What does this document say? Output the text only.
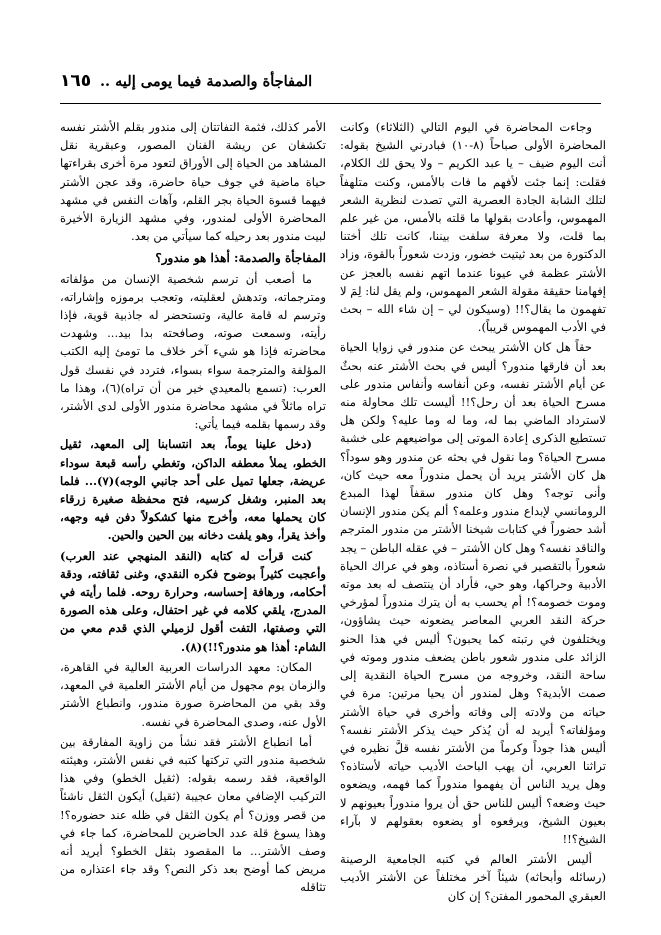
المفاجأة والصدمة فيما يومى إليه ..
١٦٥

وجاءت المحاضرة في اليوم التالي (الثلاثاء) وكانت المحاضرة الأولى صباحاً (٨-١٠) فبادرني الشيخ بقوله: أنت اليوم ضيف – يا عبد الكريم – ولا يحق لك الكلام، فقلت: إنما جئت لأفهم ما فات بالأمس، وكنت متلهفاً لتلك الشابة الجادة العصرية التي تصدت لنظرية الشعر المهموس، وأعادت بقولها ما قلته بالأمس، من غير علم بما قلت، ولا معرفة سلفت بيننا، كانت تلك أختنا الدكتورة من بعد ثيتيت خضور، وزدت شعوراً بالقوة، وزاد الأشتر عظمة في عيونا عندما اتهم نفسه بالعجز عن إفهامنا حقيقة مقولة الشعر المهموس، ولم يقل لنا: لِمَ لا تفهمون ما يقال؟!! (وسيكون لي – إن شاء الله – بحث في الأدب المهموس قريباً).

حقاً هل كان الأشتر يبحث عن مندور في زوايا الحياة بعد أن فارقها مندور؟ أليس في بحث الأشتر عنه بحثٌ عن أيام الأشتر نفسه، وعن أنفاسه وأنفاس مندور على مسرح الحياة بعد أن رحل؟!! أليست تلك محاولة منه لاسترداد الماضي بما له، وما له وما عليه؟ ولكن هل تستطيع الذكرى إعادة الموتى إلى مواضيعهم على خشبة مسرح الحياة؟ وما نقول في بحثه عن مندور وهو سوداً؟ هل كان الأشتر يريد أن يحمل مندوراً معه حيث كان، وأنى توجه؟ وهل كان مندور سقفاً لهذا المبدع الرومانسي لإبداع مندور وعلمه؟ ألم يكن مندور الإنسان أشد حضوراً في كتابات شيخنا الأشتر من مندور المترجم والناقد نفسه؟ وهل كان الأشتر – في عقله الباطن – يجد شعوراً بالتقصير في نصرة أستاذه، وهو في عراك الحياة الأدبية وحراكها، وهو حي، فأراد أن ينتصف له بعد موته وموت خصومه؟! أم يحسب به أن يترك مندوراً لمؤرخي حركة النقد العربي المعاصر يضعونه حيث يشاؤون، ويختلفون في رتبته كما يحبون؟ أليس في هذا الحنو الزائد على مندور شعور باطن يضعف مندور وموته في ساحة النقد، وخروجه من مسرح الحياة النقدية إلى صمت الأبدية؟ وهل لمندور أن يحيا مرتين: مرة في حياته من ولادته إلى وفاته وأخرى في حياة الأشتر ومؤلفاته؟ أيريد له أن يُذكر حيث يذكر الأشتر نفسه؟ أليس هذا جوداً وكرماً من الأشتر نفسه قلَّ نظيره في تراثنا العربي، أن يهب الباحث الأديب حياته لأستاذه؟ وهل يريد الناس أن يفهموا مندوراً كما فهمه، ويضعوه حيث وضعه؟ أليس للناس حق أن يروا مندوراً بعيونهم لا بعيون الشيخ، ويرفعوه أو يضعوه بعقولهم لا بآراء الشيخ؟!!

أليس الأشتر العالم في كتبه الجامعية الرصينة (رسائله وأبحاثه) شيئاً آخر مختلفاً عن الأشتر الأديب العبقري المحمور المفتن؟ إن كان

الأمر كذلك، فثمة التفاتتان إلى مندور بقلم الأشتر نفسه تكشفان عن ريشة الفنان المصور، وعبقرية نقل المشاهد من الحياة إلى الأوراق لتعود مرة أخرى بقراءتها حياة ماضية في جوف حياة حاضرة، وقد عجن الأشتر فيهما قسوة الحياة بجر القلم، وآهات النفس في مشهد المحاضرة الأولى لمندور، وفي مشهد الزيارة الأخيرة لبيت مندور بعد رحيله كما سيأتي من بعد.

المفاجأة والصدمة: أهذا هو مندور؟

ما أصعب أن ترسم شخصية الإنسان من مؤلفاته ومترجماته، وتدهش لعقليته، وتعجب برموزه وإشاراته، وترسم له قامة عالية، وتستحضر له جاذبية قوية، فإذا رأيته، وسمعت صوته، وصافحته بدا بيد... وشهدت محاضرته فإذا هو شيء آخر خلاف ما تومئ إليه الكتب المؤلفة والمترجمة سواء بسواء، فتردد في نفسك قول العرب: (تسمع بالمعيدي خير من أن تراه)(٦)، وهذا ما تراه ماثلاً في مشهد محاضرة مندور الأولى لدى الأشتر، وقد رسمها بقلمه فيما يأتي:

(دخل علينا يوماً، بعد انتسابنا إلى المعهد، ثقيل الخطو، يملأ معطفه الداكن، وتغطي رأسه قبعة سوداء عريضة، جعلها تميل على أحد جانبي الوجه)(٧)... فلما بعد المنبر، وشغل كرسيه، فتح محفظة صغيرة زرقاء كان يحملها معه، وأخرج منها كشكولاً دفن فيه وجهه، وأخذ يقرأ، وهو يلفت دخانه بين الحين والحين.

كنت قرأت له كتابه (النقد المنهجي عند العرب) وأعجبت كثيراً بوضوح فكره النقدي، وغنى ثقافته، ودقة أحكامه، ورهافة إحساسه، وحرارة روحه. فلما رأيته في المدرج، يلقي كلامه في غير احتفال، وعلى هذه الصورة التي وصفتها، التفت أقول لزميلي الذي قدم معي من الشام: أهذا هو مندور؟!!)(٨).

المكان: معهد الدراسات العربية العالية في القاهرة، والزمان يوم مجهول من أيام الأشتر العلمية في المعهد، وقد بقي من المحاضرة صورة مندور، وانطباع الأشتر الأول عنه، وصدى المحاضرة في نفسه.

أما انطباع الأشتر فقد نشأ من زاوية المفارقة بين شخصية مندور التي تركتها كتبه في نفس الأشتر، وهيئته الواقعية، فقد رسمه بقوله: (ثقيل الخطو) وفي هذا التركيب الإضافي معان عجيبة (ثقيل) أيكون الثقل ناشئاً من قصر ووزن؟ أم يكون الثقل في ظله عند حضوره؟! وهذا يسوغ قلة عدد الحاضرين للمحاضرة، كما جاء في وصف الأشتر... ما المقصود بثقل الخطو؟ أيريد أنه مريض كما أوضح بعد ذكر النص؟ وقد جاء اعتذاره من تثاقله
